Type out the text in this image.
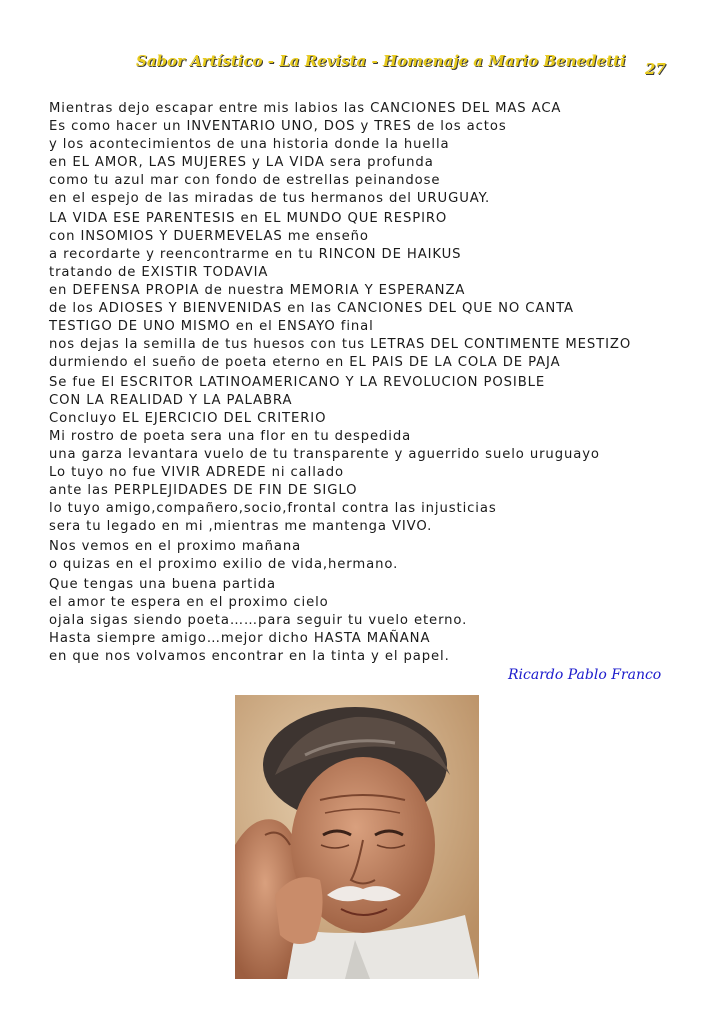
Sabor Artístico - La Revista - Homenaje a Mario Benedetti 27
Mientras dejo escapar entre mis labios las CANCIONES DEL MAS ACA
Es como hacer un INVENTARIO UNO, DOS y TRES de los actos
y los acontecimientos de una historia donde la huella
en EL AMOR, LAS MUJERES y LA VIDA sera profunda
como tu azul mar con fondo de estrellas peinandose
en el espejo de las miradas de tus hermanos del URUGUAY.
LA VIDA ESE PARENTESIS en EL MUNDO QUE RESPIRO
con INSOMIOS Y DUERMEVELAS me enseño
a recordarte y reencontrarme en tu RINCON DE HAIKUS
tratando de EXISTIR TODAVIA
en DEFENSA PROPIA de nuestra MEMORIA Y ESPERANZA
de los ADIOSES Y BIENVENIDAS en las CANCIONES DEL QUE NO CANTA
TESTIGO DE UNO MISMO en el ENSAYO final
nos dejas la semilla de tus huesos con tus LETRAS DEL CONTIMENTE MESTIZO
durmiendo el sueño de poeta eterno en EL PAIS DE LA COLA DE PAJA
Se fue El ESCRITOR LATINOAMERICANO Y LA REVOLUCION POSIBLE
CON LA REALIDAD Y LA PALABRA
Concluyo EL EJERCICIO DEL CRITERIO
Mi rostro de poeta sera una flor en tu despedida
una garza levantara vuelo de tu transparente y aguerrido suelo uruguayo
Lo tuyo no fue VIVIR ADREDE ni callado
ante las PERPLEJIDADES DE FIN DE SIGLO
lo tuyo amigo,compañero,socio,frontal contra las injusticias
sera tu legado en mi ,mientras me mantenga VIVO.
Nos vemos en el proximo mañana
o quizas en el proximo exilio de vida,hermano.
Que tengas una buena partida
el amor te espera en el proximo cielo
ojala sigas siendo poeta……para seguir tu vuelo eterno.
Hasta siempre amigo…mejor dicho HASTA MAÑANA
en que nos volvamos encontrar en la tinta y el papel.
Ricardo Pablo Franco
